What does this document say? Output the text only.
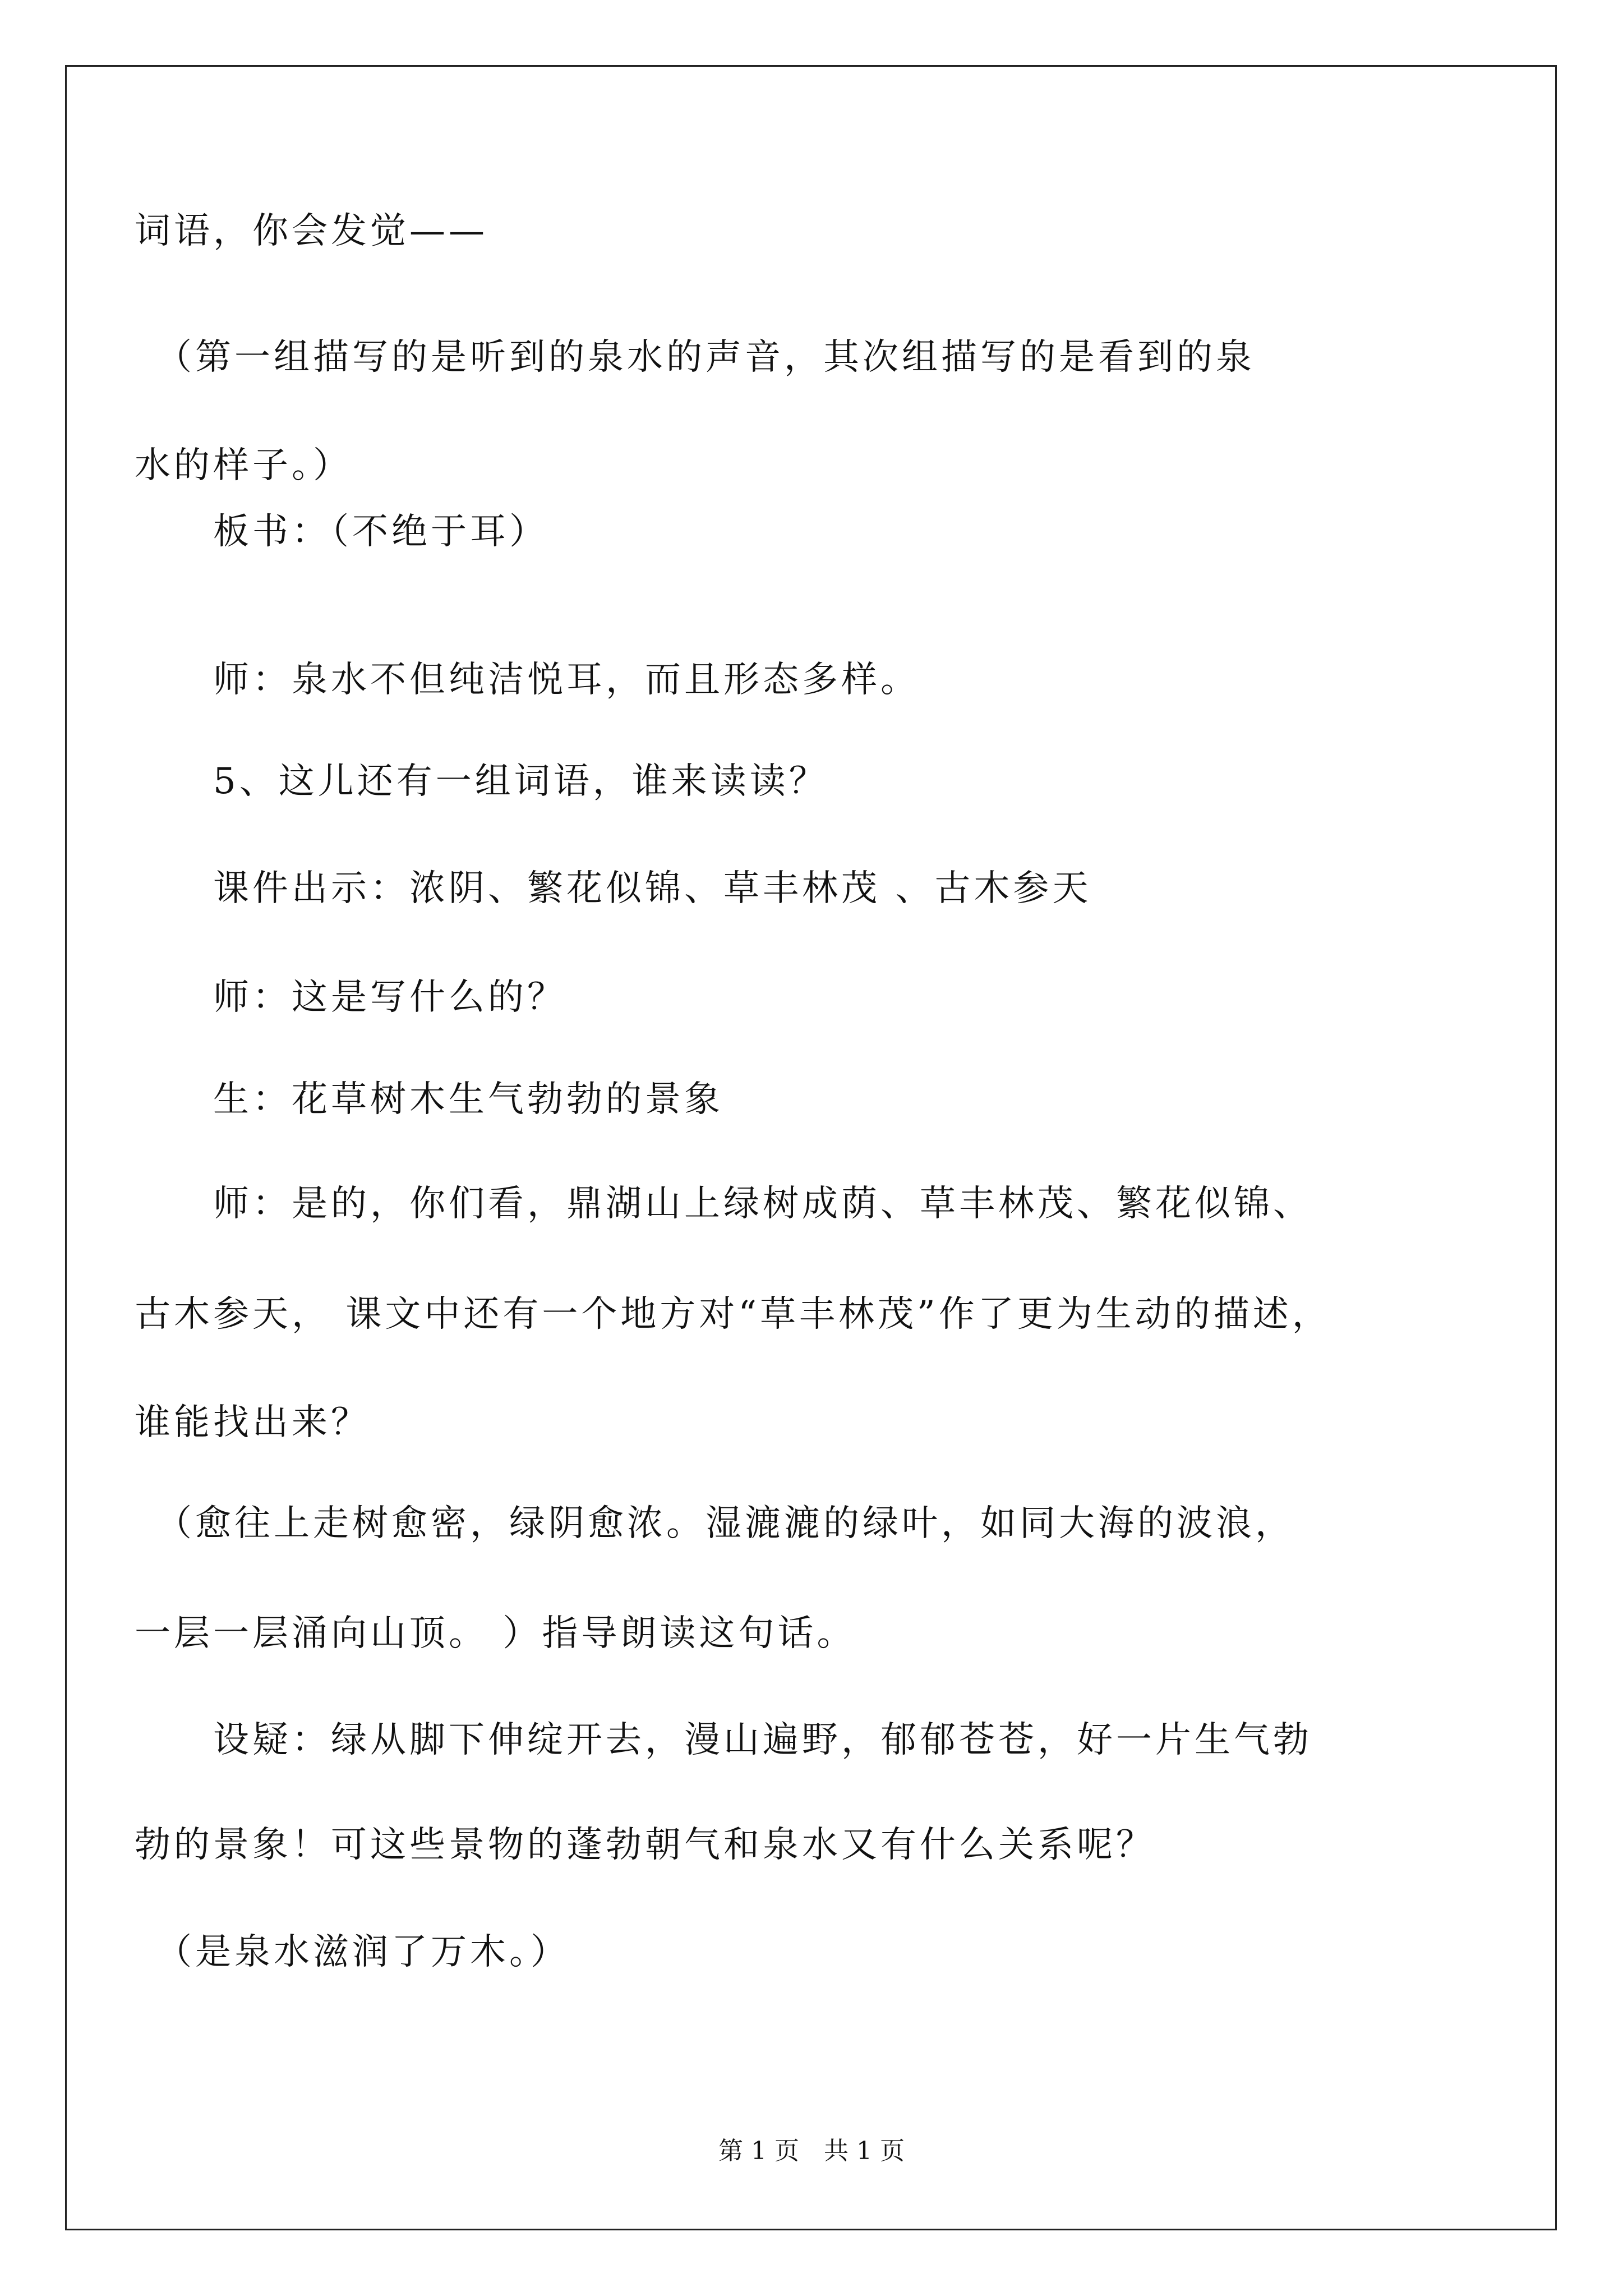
词语，你会发觉——
　（第一组描写的是听到的泉水的声音，其次组描写的是看到的泉
水的样子。）
　　板书：（不绝于耳）
　　师：泉水不但纯洁悦耳，而且形态多样。
　　5、这儿还有一组词语，谁来读读？
　　课件出示：浓阴、繁花似锦、草丰林茂 、古木参天
　　师：这是写什么的？
　　生：花草树木生气勃勃的景象
　　师：是的，你们看，鼎湖山上绿树成荫、草丰林茂、繁花似锦、
古木参天， 课文中还有一个地方对“草丰林茂”作了更为生动的描述，
谁能找出来？
　（愈往上走树愈密，绿阴愈浓。湿漉漉的绿叶，如同大海的波浪，
一层一层涌向山顶。 ）指导朗读这句话。
　　设疑：绿从脚下伸绽开去，漫山遍野，郁郁苍苍，好一片生气勃
勃的景象！可这些景物的蓬勃朝气和泉水又有什么关系呢？
　（是泉水滋润了万木。）
第 1 页　共 1 页
